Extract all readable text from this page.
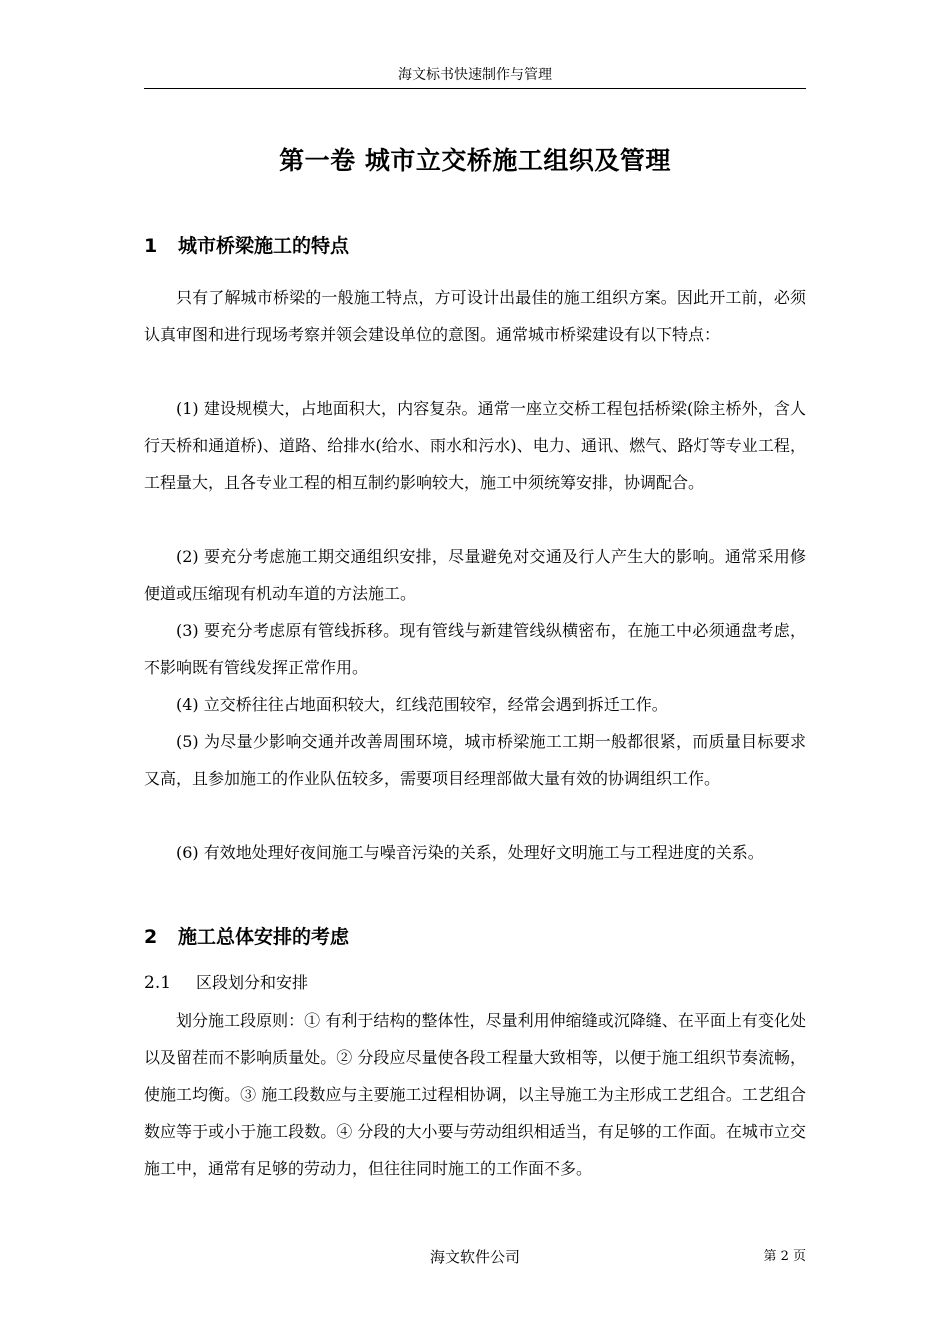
海文标书快速制作与管理
第一卷 城市立交桥施工组织及管理
1 城市桥梁施工的特点

只有了解城市桥梁的一般施工特点，方可设计出最佳的施工组织方案。因此开工前，必须认真审图和进行现场考察并领会建设单位的意图。通常城市桥梁建设有以下特点：

(1) 建设规模大，占地面积大，内容复杂。通常一座立交桥工程包括桥梁(除主桥外，含人行天桥和通道桥)、道路、给排水(给水、雨水和污水)、电力、通讯、燃气、路灯等专业工程，工程量大，且各专业工程的相互制约影响较大，施工中须统筹安排，协调配合。

(2) 要充分考虑施工期交通组织安排，尽量避免对交通及行人产生大的影响。通常采用修便道或压缩现有机动车道的方法施工。

(3) 要充分考虑原有管线拆移。现有管线与新建管线纵横密布，在施工中必须通盘考虑，不影响既有管线发挥正常作用。

(4) 立交桥往往占地面积较大，红线范围较窄，经常会遇到拆迁工作。

(5) 为尽量少影响交通并改善周围环境，城市桥梁施工工期一般都很紧，而质量目标要求又高，且参加施工的作业队伍较多，需要项目经理部做大量有效的协调组织工作。

(6) 有效地处理好夜间施工与噪音污染的关系，处理好文明施工与工程进度的关系。

2 施工总体安排的考虑
2.1 区段划分和安排

划分施工段原则：① 有利于结构的整体性，尽量利用伸缩缝或沉降缝、在平面上有变化处以及留茬而不影响质量处。② 分段应尽量使各段工程量大致相等，以便于施工组织节奏流畅，使施工均衡。③ 施工段数应与主要施工过程相协调，以主导施工为主形成工艺组合。工艺组合数应等于或小于施工段数。④ 分段的大小要与劳动组织相适当，有足够的工作面。在城市立交施工中，通常有足够的劳动力，但往往同时施工的工作面不多。

海文软件公司	第 2 页
